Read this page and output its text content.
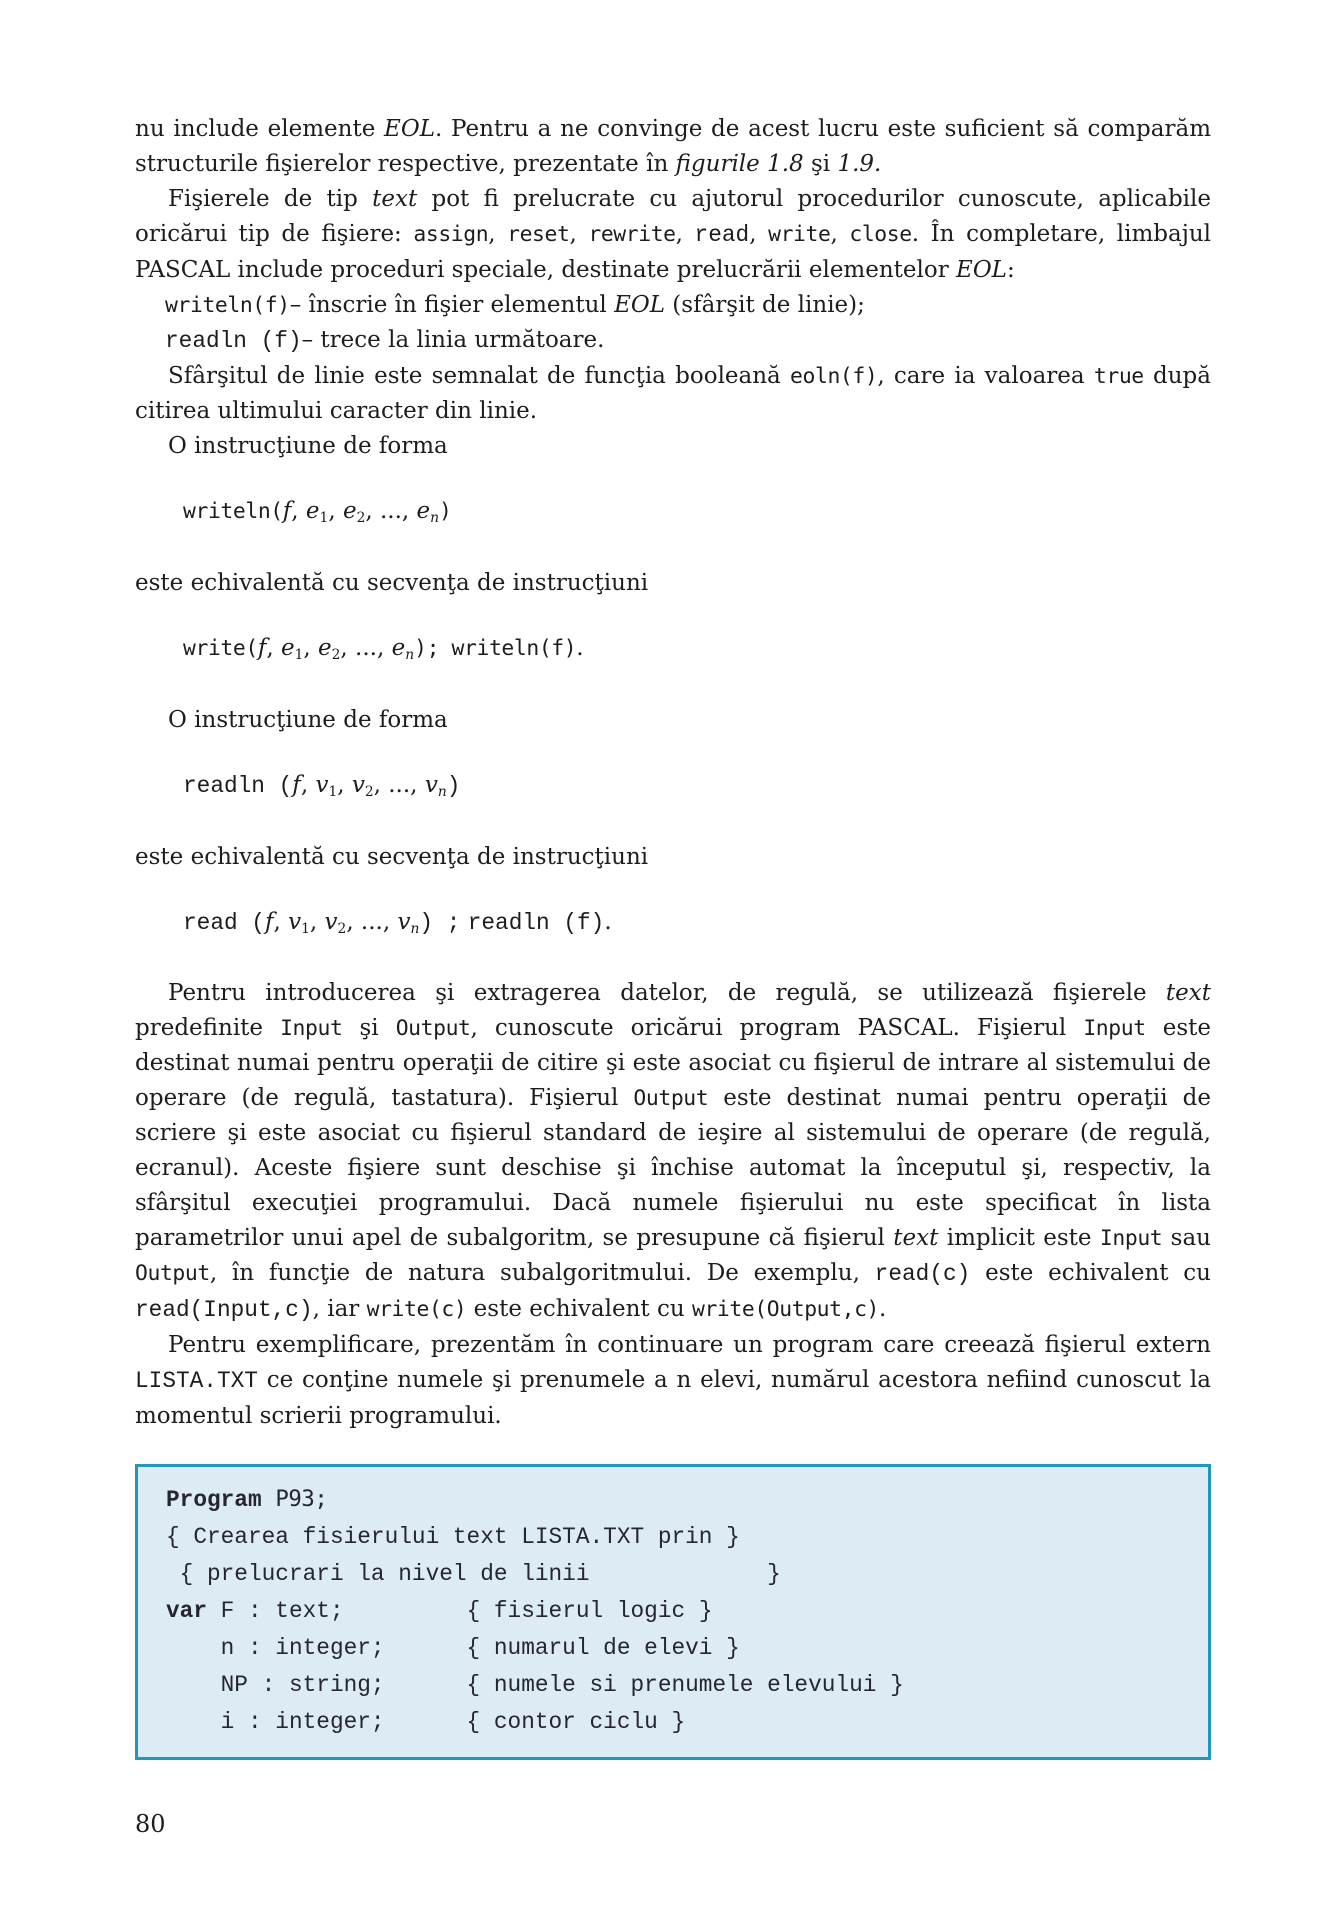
nu include elemente EOL. Pentru a ne convinge de acest lucru este suficient să comparăm structurile fişierelor respective, prezentate în figurile 1.8 şi 1.9.

Fişierele de tip text pot fi prelucrate cu ajutorul procedurilor cunoscute, aplicabile oricărui tip de fişiere: assign, reset, rewrite, read, write, close. În completare, limbajul PASCAL include proceduri speciale, destinate prelucrării elementelor EOL:

writeln(f)– înscrie în fişier elementul EOL (sfârşit de linie);

readln (f)– trece la linia următoare.

Sfârşitul de linie este semnalat de funcţia booleană eoln(f), care ia valoarea true după citirea ultimului caracter din linie.

O instrucţiune de forma

writeln(f, e1, e2, ..., en)

este echivalentă cu secvenţa de instrucţiuni

write(f, e1, e2, ..., en); writeln(f).

O instrucţiune de forma

readln (f, v1, v2, ..., vn)

este echivalentă cu secvenţa de instrucţiuni

read (f, v1, v2, ..., vn) ; readln (f).

Pentru introducerea şi extragerea datelor, de regulă, se utilizează fişierele text predefinite Input şi Output, cunoscute oricărui program PASCAL. Fişierul Input este destinat numai pentru operaţii de citire şi este asociat cu fişierul de intrare al sistemului de operare (de regulă, tastatura). Fişierul Output este destinat numai pentru operaţii de scriere şi este asociat cu fişierul standard de ieşire al sistemului de operare (de regulă, ecranul). Aceste fişiere sunt deschise şi închise automat la începutul şi, respectiv, la sfârşitul execuţiei programului. Dacă numele fişierului nu este specificat în lista parametrilor unui apel de subalgoritm, se presupune că fişierul text implicit este Input sau Output, în funcţie de natura subalgoritmului. De exemplu, read(c) este echivalent cu read(Input,c), iar write(c) este echivalent cu write(Output,c).

Pentru exemplificare, prezentăm în continuare un program care creează fişierul extern LISTA.TXT ce conţine numele şi prenumele a n elevi, numărul acestora nefiind cunoscut la momentul scrierii programului.

Program P93;
{ Crearea fisierului text LISTA.TXT prin }
{ prelucrari la nivel de linii             }
var F : text;         { fisierul logic }
n : integer;      { numarul de elevi }
NP : string;      { numele si prenumele elevului }
i : integer;      { contor ciclu }
80
